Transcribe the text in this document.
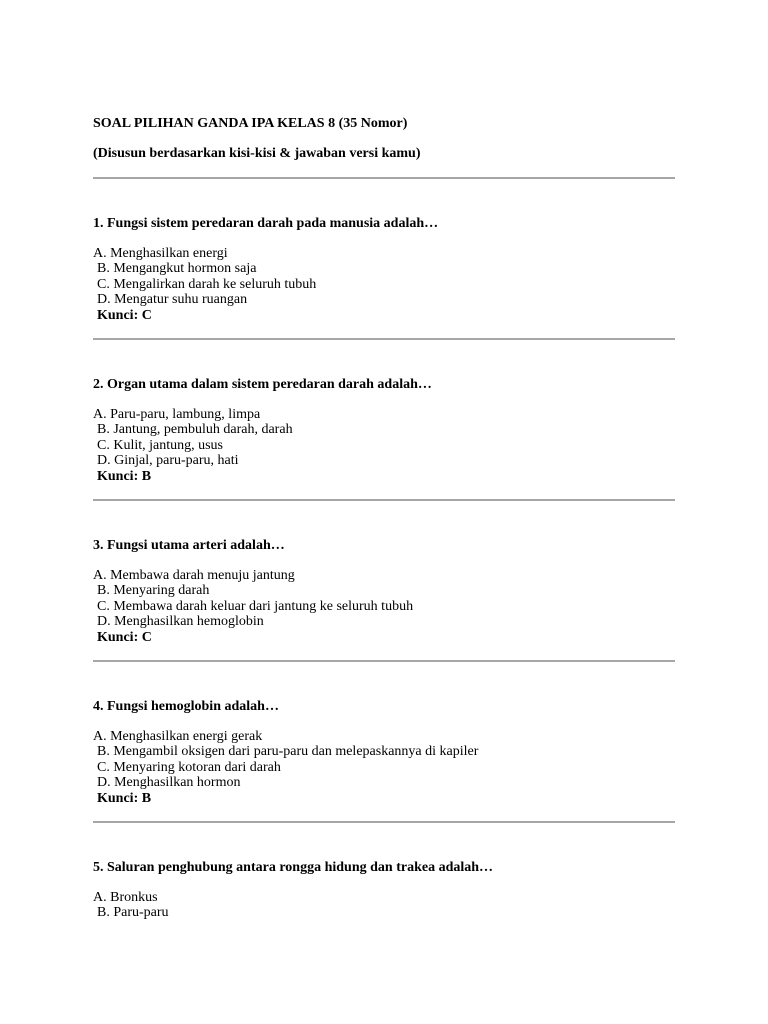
SOAL PILIHAN GANDA IPA KELAS 8 (35 Nomor)
(Disusun berdasarkan kisi-kisi & jawaban versi kamu)
1. Fungsi sistem peredaran darah pada manusia adalah…
A. Menghasilkan energi
B. Mengangkut hormon saja
C. Mengalirkan darah ke seluruh tubuh
D. Mengatur suhu ruangan
Kunci: C
2. Organ utama dalam sistem peredaran darah adalah…
A. Paru-paru, lambung, limpa
B. Jantung, pembuluh darah, darah
C. Kulit, jantung, usus
D. Ginjal, paru-paru, hati
Kunci: B
3. Fungsi utama arteri adalah…
A. Membawa darah menuju jantung
B. Menyaring darah
C. Membawa darah keluar dari jantung ke seluruh tubuh
D. Menghasilkan hemoglobin
Kunci: C
4. Fungsi hemoglobin adalah…
A. Menghasilkan energi gerak
B. Mengambil oksigen dari paru-paru dan melepaskannya di kapiler
C. Menyaring kotoran dari darah
D. Menghasilkan hormon
Kunci: B
5. Saluran penghubung antara rongga hidung dan trakea adalah…
A. Bronkus
B. Paru-paru
